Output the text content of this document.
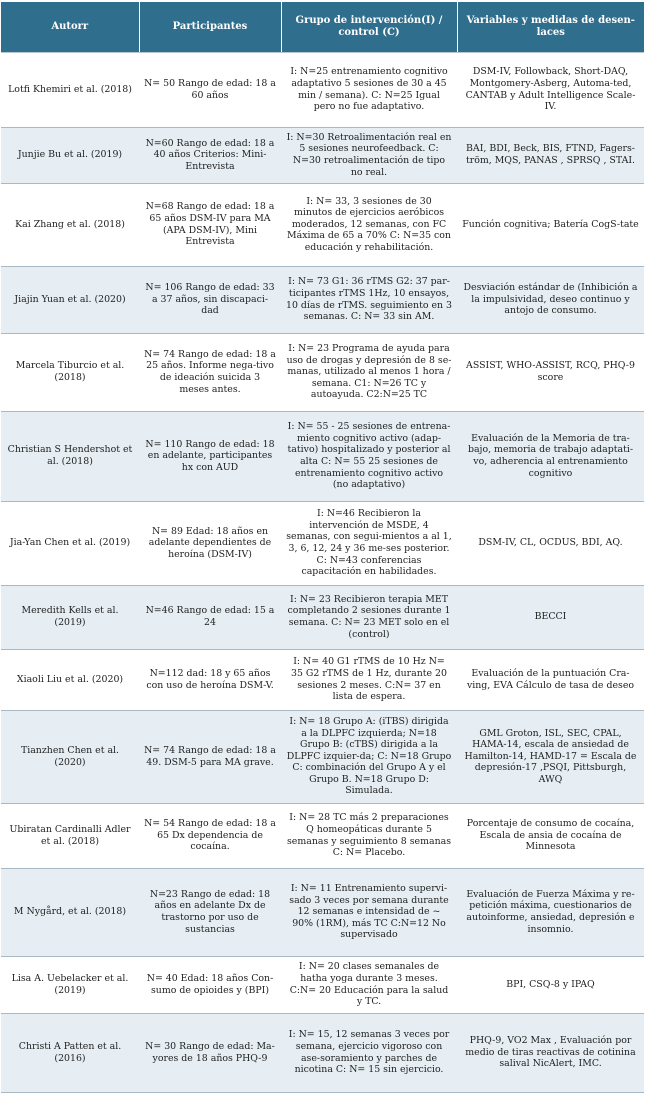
Autorr	Participantes	Grupo de intervención(I) / control (C)	Variables y medidas de desen-laces
Lotfi Khemiri et al. (2018)	N= 50 Rango de edad: 18 a 60 años	I: N=25 entrenamiento cognitivo adaptativo 5 sesiones de 30 a 45 min / semana). C: N=25 Igual pero no fue adaptativo.	DSM-IV, Followback, Short-DAQ, Montgomery-Asberg, Automa-ted, CANTAB y Adult Intelligence Scale-IV.
Junjie Bu et al. (2019)	N=60 Rango de edad: 18 a 40 años Criterios: Mini-Entrevista	I: N=30 Retroalimentación real en 5 sesiones neurofeedback. C: N=30 retroalimentación de tipo no real.	BAI, BDI, Beck, BIS, FTND, Fagers-tröm, MQS, PANAS , SPRSQ , STAI.
Kai Zhang et al. (2018)	N=68 Rango de edad: 18 a 65 años DSM-IV para MA (APA DSM-IV), Mini Entrevista	I: N= 33, 3 sesiones de 30 minutos de ejercicios aeróbicos moderados, 12 semanas, con FC Máxima de 65 a 70% C: N=35 con educación y rehabilitación.	Función cognitiva; Batería CogS-tate
Jiajin Yuan et al. (2020)	N= 106 Rango de edad: 33 a 37 años, sin discapaci-dad	I: N= 73 G1: 36 rTMS G2: 37 par-ticipantes rTMS 1Hz, 10 ensayos, 10 días de rTMS. seguimiento en 3 semanas. C: N= 33 sin AM.	Desviación estándar de (Inhibición a la impulsividad, deseo continuo y antojo de consumo.
Marcela Tiburcio et al. (2018)	N= 74 Rango de edad: 18 a 25 años. Informe nega-tivo de ideación suicida 3 meses antes.	I: N= 23 Programa de ayuda para uso de drogas y depresión de 8 se-manas, utilizado al menos 1 hora / semana. C1: N=26 TC y autoayuda. C2:N=25 TC	ASSIST, WHO-ASSIST, RCQ, PHQ-9 score
Christian S Hendershot et al. (2018)	N= 110 Rango de edad: 18 en adelante, participantes hx con AUD	I: N= 55 - 25 sesiones de entrena-miento cognitivo activo (adap-tativo) hospitalizado y posterior al alta C: N= 55 25 sesiones de entrenamiento cognitivo activo (no adaptativo)	Evaluación de la Memoria de tra-bajo, memoria de trabajo adaptati-vo, adherencia al entrenamiento cognitivo
Jia-Yan Chen et al. (2019)	N= 89 Edad: 18 años en adelante dependientes de heroína (DSM-IV)	I: N=46 Recibieron la intervención de MSDE, 4 semanas, con segui-mientos a al 1, 3, 6, 12, 24 y 36 me-ses posterior. C: N=43 conferencias capacitación en habilidades.	DSM-IV, CL, OCDUS, BDI, AQ.
Meredith Kells et al. (2019)	N=46 Rango de edad: 15 a 24	I: N= 23 Recibieron terapia MET completando 2 sesiones durante 1 semana. C: N= 23 MET solo en el (control)	BECCI
Xiaoli Liu et al. (2020)	N=112 dad: 18 y 65 años con uso de heroína DSM-V.	I: N= 40 G1 rTMS de 10 Hz N= 35 G2 rTMS de 1 Hz, durante 20 sesiones 2 meses. C:N= 37 en lista de espera.	Evaluación de la puntuación Cra-ving, EVA Cálculo de tasa de deseo
Tianzhen Chen et al. (2020)	N= 74 Rango de edad: 18 a 49. DSM-5 para MA grave.	I: N= 18 Grupo A: (iTBS) dirigida a la DLPFC izquierda; N=18 Grupo B: (cTBS) dirigida a la DLPFC izquier-da; C: N=18 Grupo C: combinación del Grupo A y el Grupo B. N=18 Grupo D: Simulada.	GML Groton, ISL, SEC, CPAL, HAMA-14, escala de ansiedad de Hamilton-14, HAMD-17 = Escala de depresión-17 ,PSQI, Pittsburgh, AWQ
Ubiratan Cardinalli Adler et al. (2018)	N= 54 Rango de edad: 18 a 65 Dx dependencia de cocaína.	I: N= 28 TC más 2 preparaciones Q homeopáticas durante 5 semanas y seguimiento 8 semanas C: N= Placebo.	Porcentaje de consumo de cocaína, Escala de ansia de cocaína de Minnesota
M Nygård, et al. (2018)	N=23 Rango de edad: 18 años en adelante Dx de trastorno por uso de sustancias	I: N= 11 Entrenamiento supervi-sado 3 veces por semana durante 12 semanas e intensidad de ~ 90% (1RM), más TC C:N=12 No supervisado	Evaluación de Fuerza Máxima y re-petición máxima, cuestionarios de autoinforme, ansiedad, depresión e insomnio.
Lisa A. Uebelacker et al. (2019)	N= 40 Edad: 18 años Con-sumo de opioides y (BPI)	I: N= 20 clases semanales de hatha yoga durante 3 meses. C:N= 20 Educación para la salud y TC.	BPI, CSQ-8 y IPAQ
Christi A Patten et al. (2016)	N= 30 Rango de edad: Ma-yores de 18 años PHQ-9	I: N= 15, 12 semanas 3 veces por semana, ejercicio vigoroso con ase-soramiento y parches de nicotina C: N= 15 sin ejercicio.	PHQ-9, VO2 Max , Evaluación por medio de tiras reactivas de cotinina salival NicAlert, IMC.
